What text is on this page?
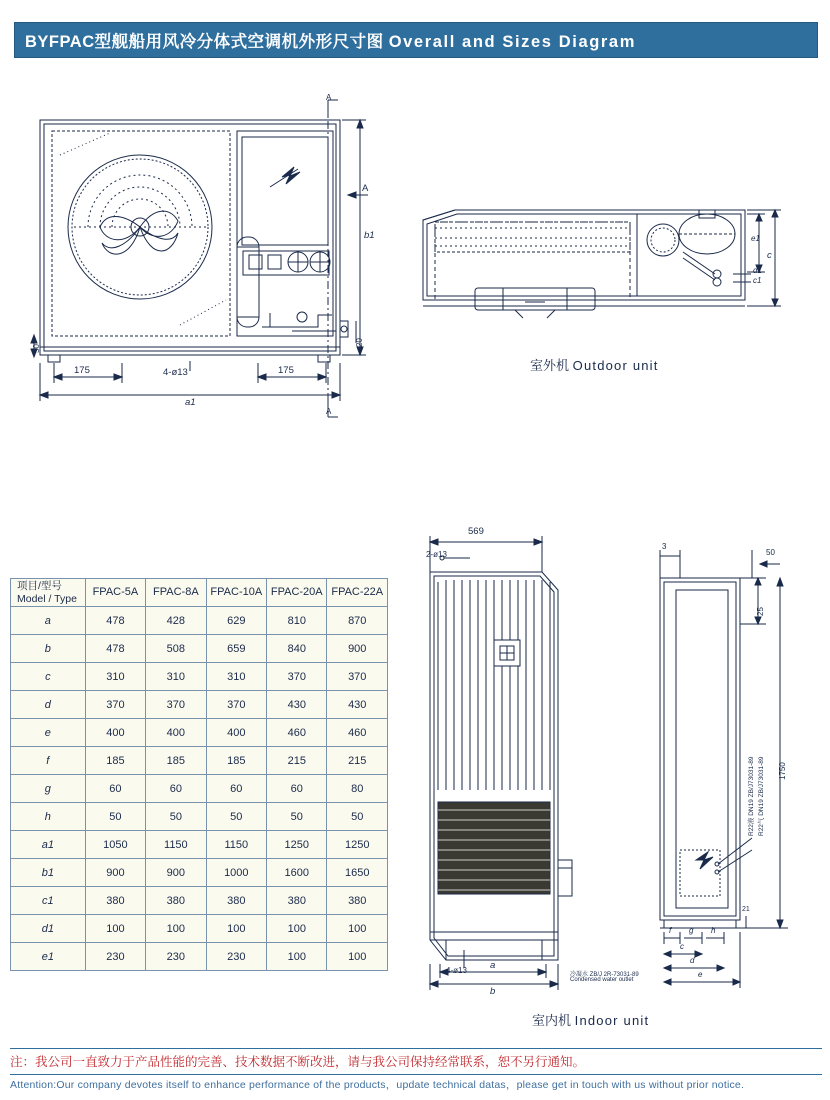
BYFPAC型舰船用风冷分体式空调机外形尺寸图 Overall and Sizes Diagram
A
A
A
b1
a1
175	175
4-ø13
50
20
e1
c
d1
c1
室外机 Outdoor unit
项目/型号
Model / Type	FPAC-5A	FPAC-8A	FPAC-10A	FPAC-20A	FPAC-22A
a	478	428	629	810	870
b	478	508	659	840	900
c	310	310	310	370	370
d	370	370	370	430	430
e	400	400	400	460	460
f	185	185	185	215	215
g	60	60	60	60	80
h	50	50	50	50	50
a1	1050	1150	1150	1250	1250
b1	900	900	1000	1600	1650
c1	380	380	380	380	380
d1	100	100	100	100	100
e1	230	230	230	100	100
569
2-ø13
4-ø13 a
b
冷凝水 ZB/J 2R-73031-89
Condensed water outlet
3
50
25
1750
R22液 DN19 ZB/J73031-89 R22气 DN19 ZB/J73031-89
f g h
c
d
e
21
室内机 Indoor unit
注：我公司一直致力于产品性能的完善、技术数据不断改进，请与我公司保持经常联系，恕不另行通知。
Attention:Our company devotes itself to enhance performance of the products，update technical datas，please get in touch with us without prior notice.
